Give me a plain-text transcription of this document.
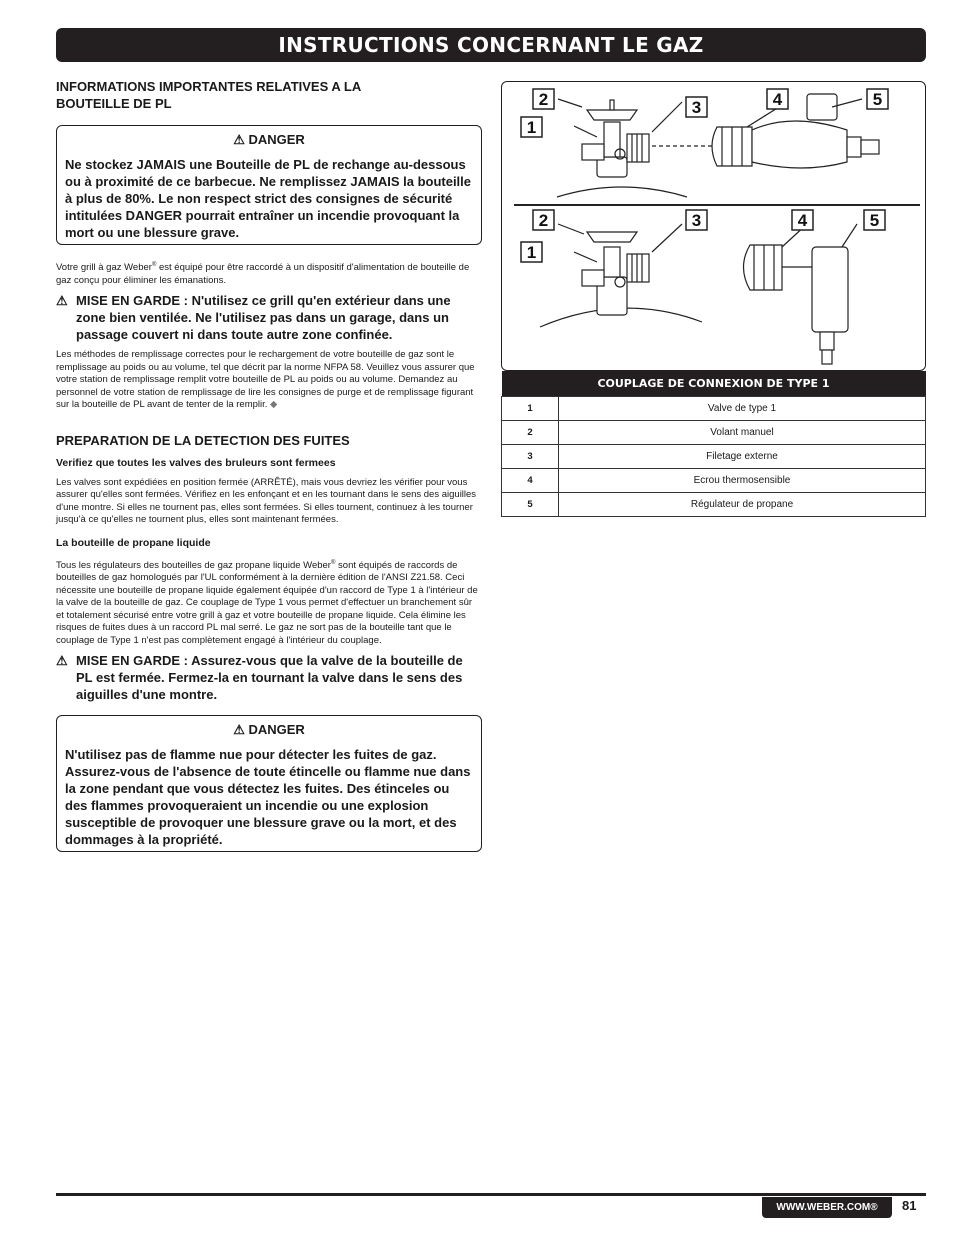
INSTRUCTIONS CONCERNANT LE GAZ

INFORMATIONS IMPORTANTES RELATIVES A LA BOUTEILLE DE PL

⚠ DANGER
Ne stockez JAMAIS une Bouteille de PL de rechange au-dessous ou à proximité de ce barbecue. Ne remplissez JAMAIS la bouteille à plus de 80%. Le non respect strict des consignes de sécurité intitulées DANGER pourrait entraîner un incendie provoquant la mort ou une blessure grave.

Votre grill à gaz Weber® est équipé pour être raccordé à un dispositif d'alimentation de bouteille de gaz conçu pour éliminer les émanations.

⚠ MISE EN GARDE : N'utilisez ce grill qu'en extérieur dans une zone bien ventilée. Ne l'utilisez pas dans un garage, dans un passage couvert ni dans toute autre zone confinée.

Les méthodes de remplissage correctes pour le rechargement de votre bouteille de gaz sont le remplissage au poids ou au volume, tel que décrit par la norme NFPA 58. Veuillez vous assurer que votre station de remplissage remplit votre bouteille de PL au poids ou au volume. Demandez au personnel de votre station de remplissage de lire les consignes de purge et de remplissage figurant sur la bouteille de PL avant de tenter de la remplir. ◆

PREPARATION DE LA DETECTION DES FUITES

Verifiez que toutes les valves des bruleurs sont fermees

Les valves sont expédiées en position fermée (ARRÊTÉ), mais vous devriez les vérifier pour vous assurer qu'elles sont fermées. Vérifiez en les enfonçant et en les tournant dans le sens des aiguilles d'une montre. Si elles ne tournent pas, elles sont fermées. Si elles tournent, continuez à les tourner jusqu'à ce qu'elles ne tournent plus, elles sont maintenant fermées.

La bouteille de propane liquide

Tous les régulateurs des bouteilles de gaz propane liquide Weber® sont équipés de raccords de bouteilles de gaz homologués par l'UL conformément à la dernière édition de l'ANSI Z21.58. Ceci nécessite une bouteille de propane liquide également équipée d'un raccord de Type 1 à l'intérieur de la valve de la bouteille de gaz. Ce couplage de Type 1 vous permet d'effectuer un branchement sûr et totalement sécurisé entre votre grill à gaz et votre bouteille de propane liquide. Cela élimine les risques de fuites dues à un raccord PL mal serré. Le gaz ne sort pas de la bouteille tant que le couplage de Type 1 n'est pas complètement engagé à l'intérieur du couplage.

⚠ MISE EN GARDE : Assurez-vous que la valve de la bouteille de PL est fermée. Fermez-la en tournant la valve dans le sens des aiguilles d'une montre.
⚠ DANGER
N'utilisez pas de flamme nue pour détecter les fuites de gaz. Assurez-vous de l'absence de toute étincelle ou flamme nue dans la zone pendant que vous détectez les fuites. Des étinceles ou des flammes provoqueraient un incendie ou une explosion susceptible de provoquer une blessure grave ou la mort, et des dommages à la propriété.
1
2	3	4	5
1
2	3	4	5
COUPLAGE DE CONNEXION DE TYPE 1	
1	Valve de type 1
2	Volant manuel
3	Filetage externe
4	Ecrou thermosensible
5	Régulateur de propane
WWW.WEBER.COM®	81
